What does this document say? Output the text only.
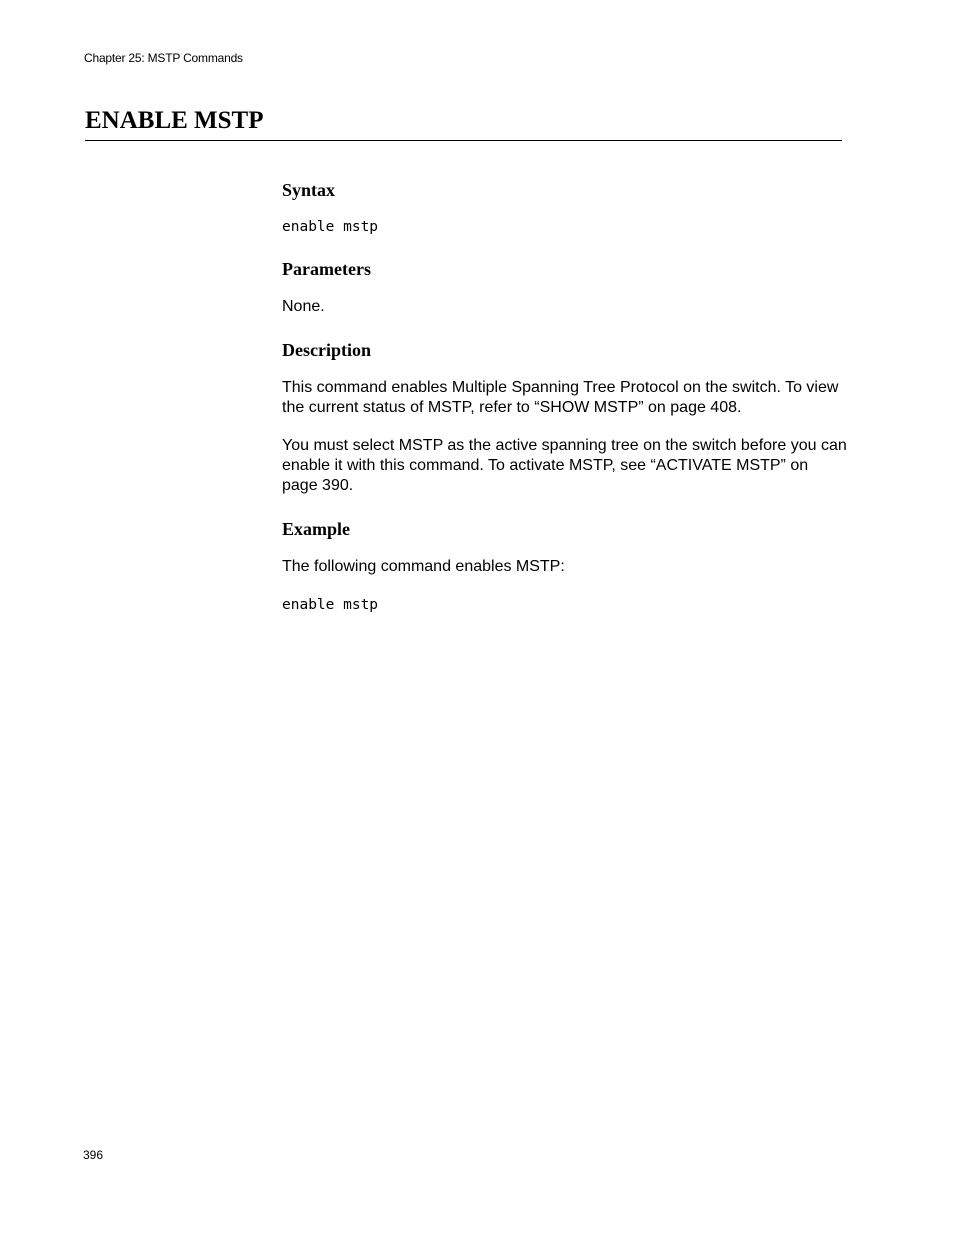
Chapter 25: MSTP Commands
ENABLE MSTP
Syntax
enable mstp
Parameters

None.

Description

This command enables Multiple Spanning Tree Protocol on the switch. To view the current status of MSTP, refer to “SHOW MSTP” on page 408.

You must select MSTP as the active spanning tree on the switch before you can enable it with this command. To activate MSTP, see “ACTIVATE MSTP” on page 390.

Example

The following command enables MSTP:

enable mstp
396
